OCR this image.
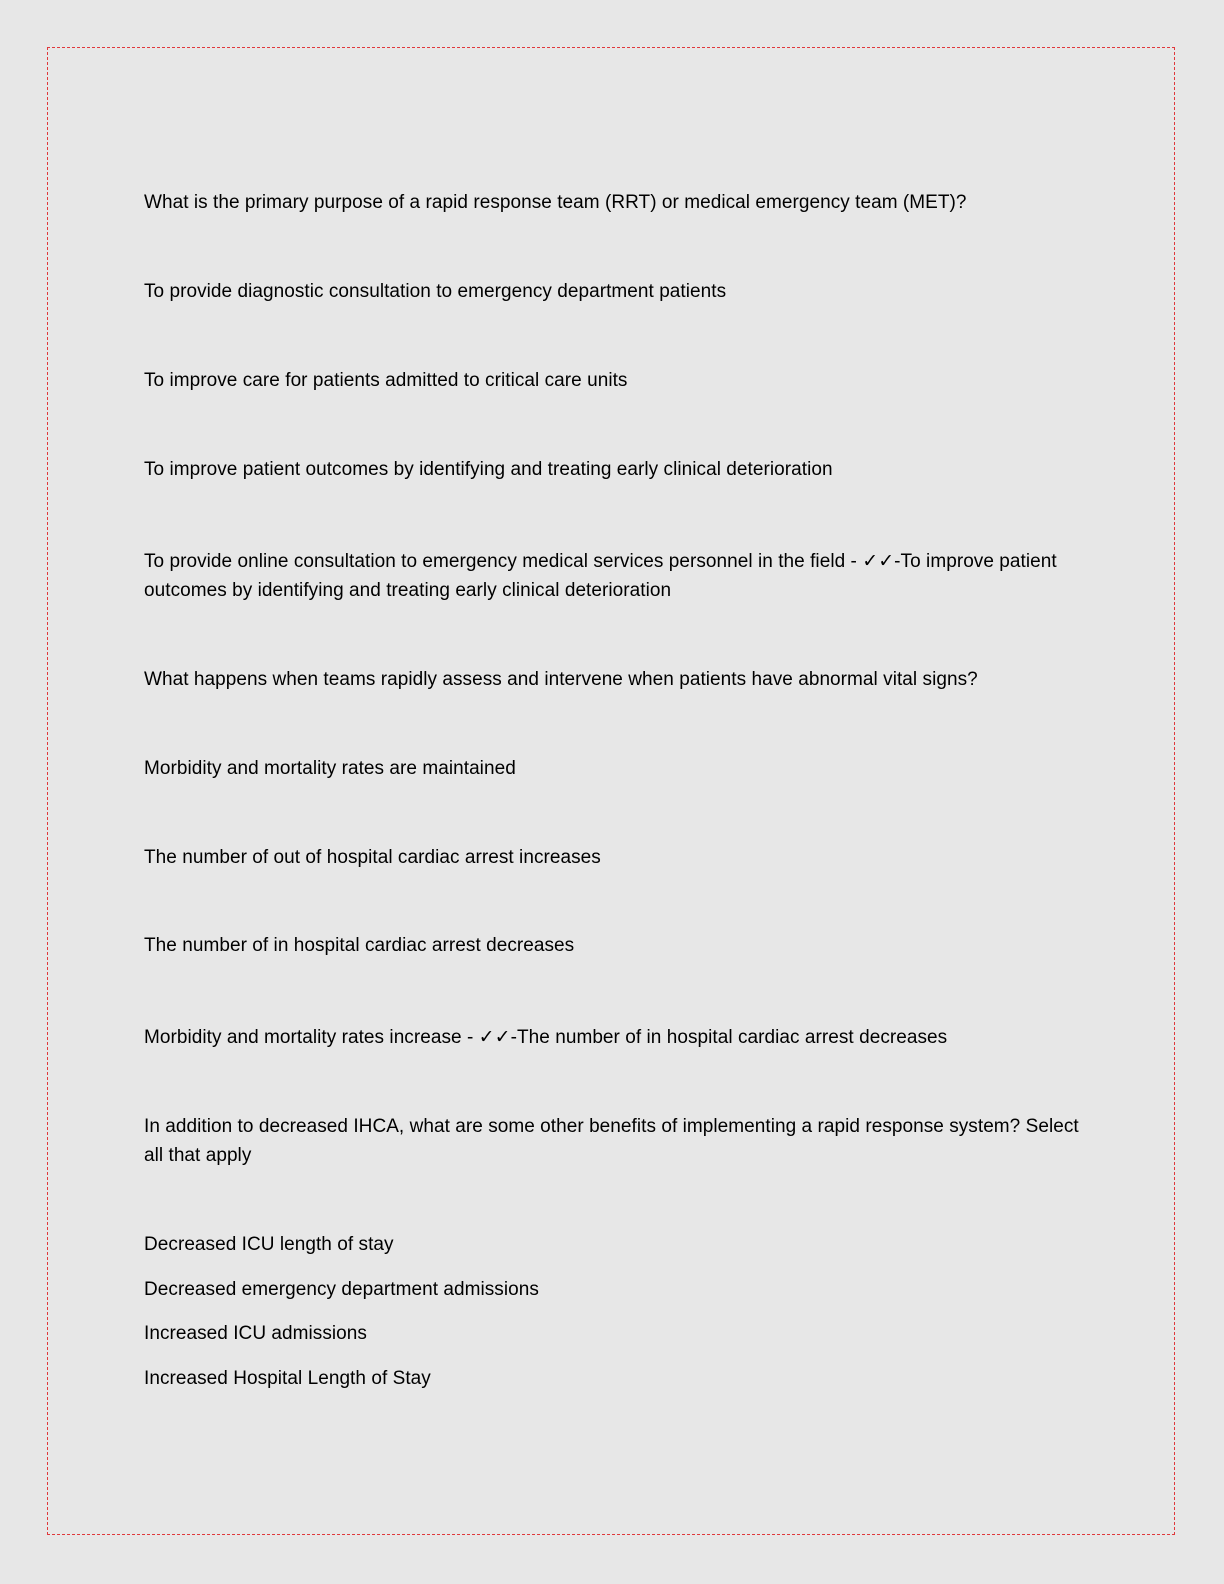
What is the primary purpose of a rapid response team (RRT) or medical emergency team (MET)?
To provide diagnostic consultation to emergency department patients
To improve care for patients admitted to critical care units
To improve patient outcomes by identifying and treating early clinical deterioration
To provide online consultation to emergency medical services personnel in the field - ✓✓-To improve patient outcomes by identifying and treating early clinical deterioration
What happens when teams rapidly assess and intervene when patients have abnormal vital signs?
Morbidity and mortality rates are maintained
The number of out of hospital cardiac arrest increases
The number of in hospital cardiac arrest decreases
Morbidity and mortality rates increase - ✓✓-The number of in hospital cardiac arrest decreases
In addition to decreased IHCA, what are some other benefits of implementing a rapid response system? Select all that apply
Decreased ICU length of stay
Decreased emergency department admissions
Increased ICU admissions
Increased Hospital Length of Stay
